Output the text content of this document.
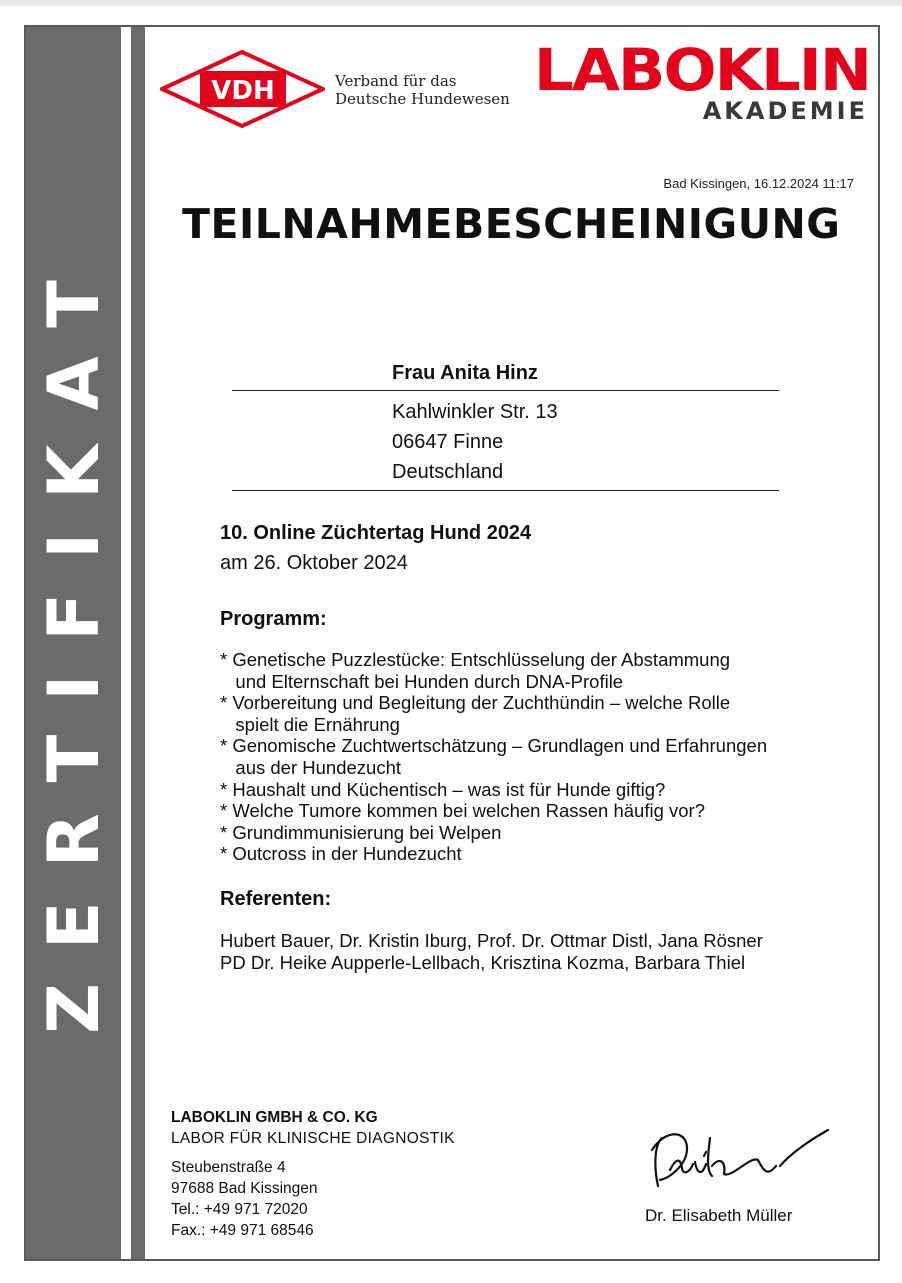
ZERTIFIKAT
VDH	Verband für das
Deutsche Hundewesen LABOKLIN
AKADEMIE
Bad Kissingen, 16.12.2024 11:17
TEILNAHMEBESCHEINIGUNG
Frau Anita Hinz
Kahlwinkler Str. 13
06647 Finne
Deutschland
10. Online Züchtertag Hund 2024
am 26. Oktober 2024
Programm:
* Genetische Puzzlestücke: Entschlüsselung der Abstammung
und Elternschaft bei Hunden durch DNA-Profile
* Vorbereitung und Begleitung der Zuchthündin – welche Rolle
spielt die Ernährung
* Genomische Zuchtwertschätzung – Grundlagen und Erfahrungen
aus der Hundezucht
* Haushalt und Küchentisch – was ist für Hunde giftig?
* Welche Tumore kommen bei welchen Rassen häufig vor?
* Grundimmunisierung bei Welpen
* Outcross in der Hundezucht
Referenten:
Hubert Bauer, Dr. Kristin Iburg, Prof. Dr. Ottmar Distl, Jana Rösner
PD Dr. Heike Aupperle-Lellbach, Krisztina Kozma, Barbara Thiel
LABOKLIN GMBH & CO. KG
LABOR FÜR KLINISCHE DIAGNOSTIK
Steubenstraße 4
97688 Bad Kissingen
Tel.: +49 971 72020
Fax.: +49 971 68546
Dr. Elisabeth Müller
